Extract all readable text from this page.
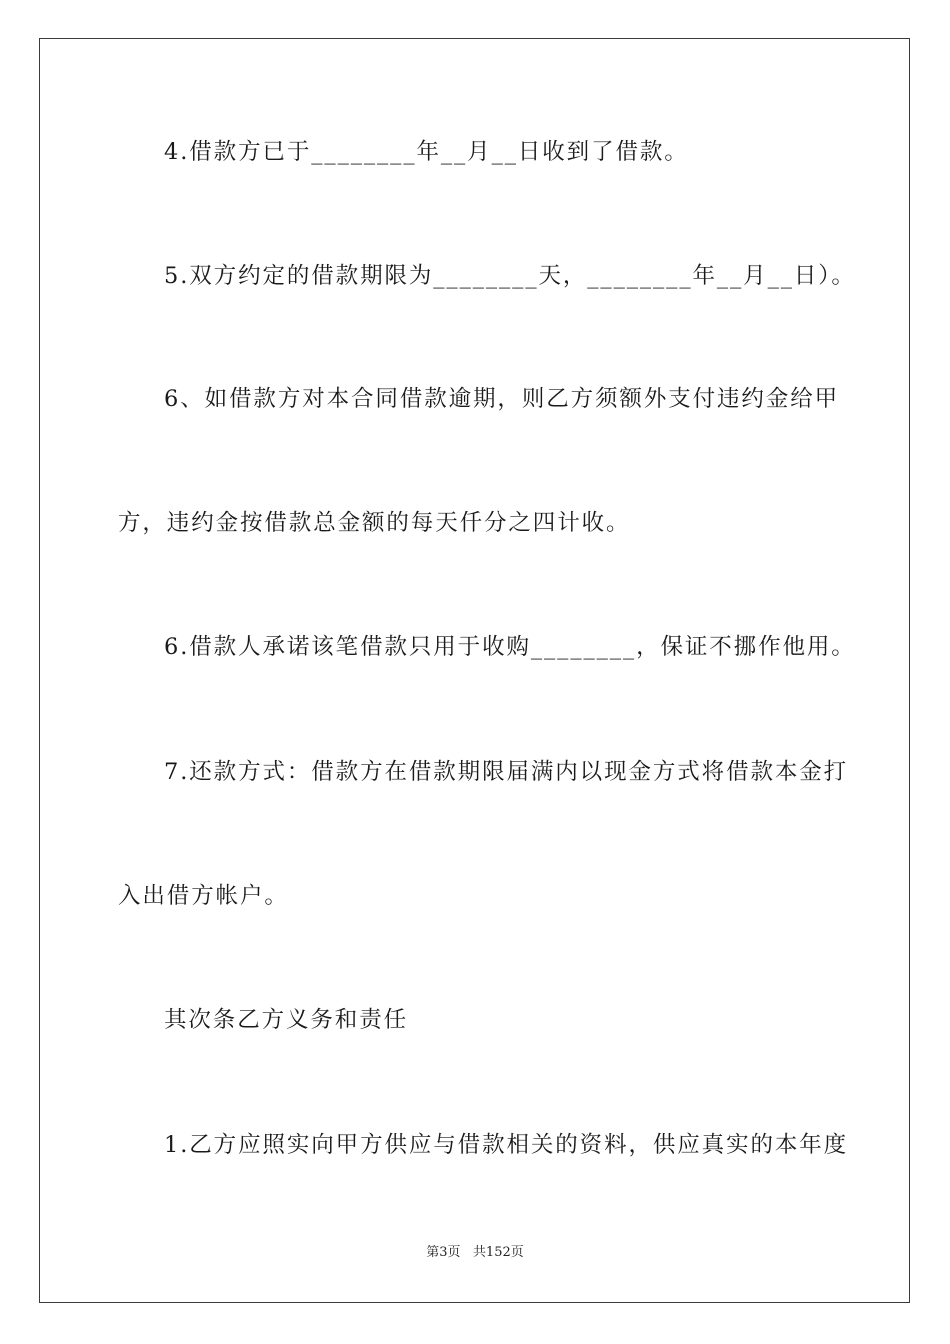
4.借款方已于________年__月__日收到了借款。

5.双方约定的借款期限为________天，________年__月__日）。

6、如借款方对本合同借款逾期，则乙方须额外支付违约金给甲

方，违约金按借款总金额的每天仟分之四计收。

6.借款人承诺该笔借款只用于收购________，保证不挪作他用。

7.还款方式：借款方在借款期限届满内以现金方式将借款本金打

入出借方帐户。

其次条乙方义务和责任

1.乙方应照实向甲方供应与借款相关的资料，供应真实的本年度

第3页   共152页
